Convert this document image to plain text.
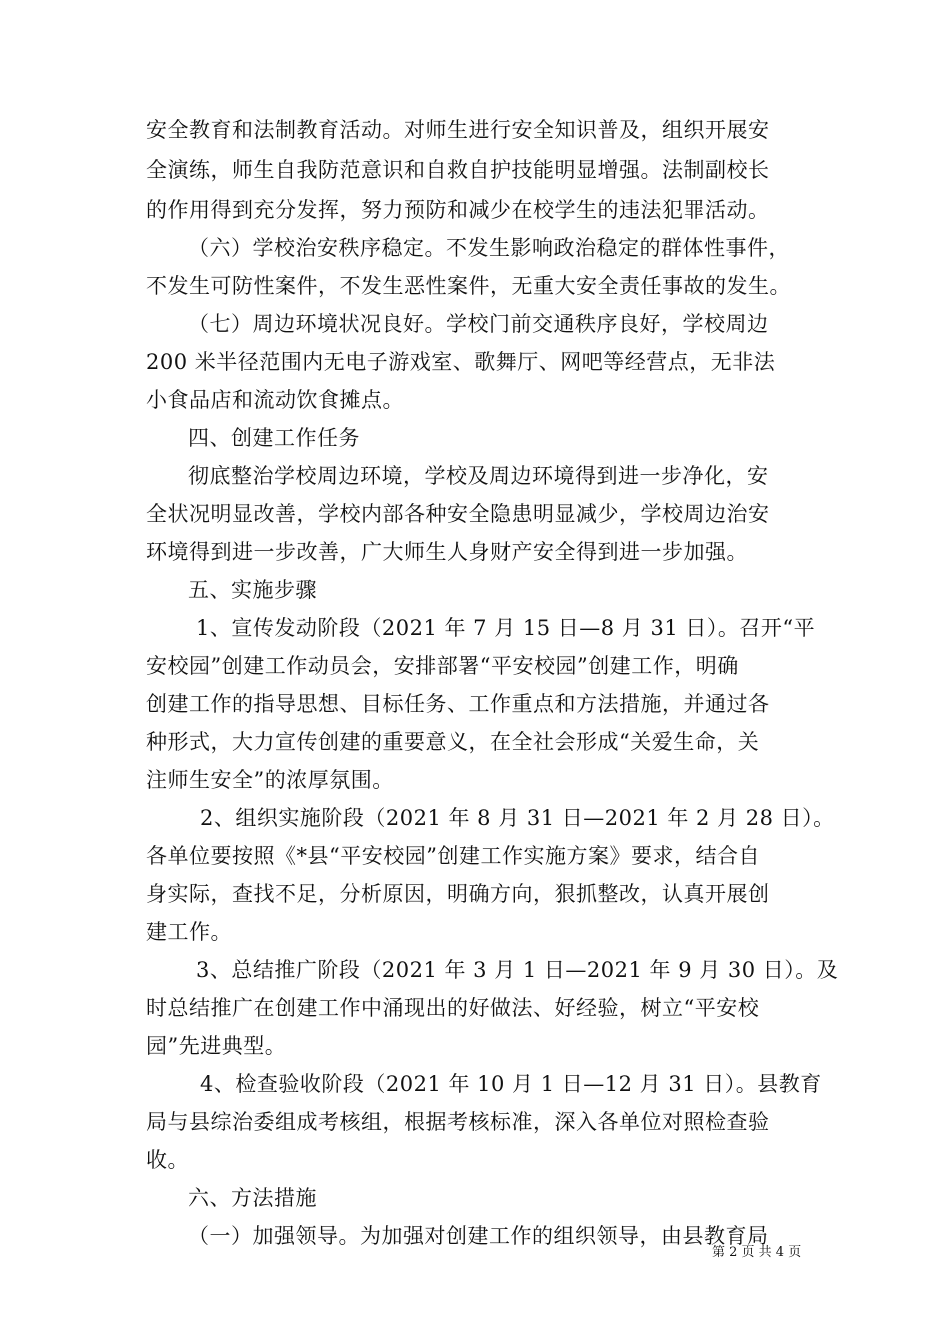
安全教育和法制教育活动。对师生进行安全知识普及，组织开展安
全演练，师生自我防范意识和自救自护技能明显增强。法制副校长
的作用得到充分发挥，努力预防和减少在校学生的违法犯罪活动。
（六）学校治安秩序稳定。不发生影响政治稳定的群体性事件，
不发生可防性案件，不发生恶性案件，无重大安全责任事故的发生。
（七）周边环境状况良好。学校门前交通秩序良好，学校周边
200 米半径范围内无电子游戏室、歌舞厅、网吧等经营点，无非法
小食品店和流动饮食摊点。
四、创建工作任务
彻底整治学校周边环境，学校及周边环境得到进一步净化，安
全状况明显改善，学校内部各种安全隐患明显减少，学校周边治安
环境得到进一步改善，广大师生人身财产安全得到进一步加强。
五、实施步骤
1、宣传发动阶段（2021 年 7 月 15 日—8 月 31 日）。召开“平
安校园”创建工作动员会，安排部署“平安校园”创建工作，明确
创建工作的指导思想、目标任务、工作重点和方法措施，并通过各
种形式，大力宣传创建的重要意义，在全社会形成“关爱生命，关
注师生安全”的浓厚氛围。
2、组织实施阶段（2021 年 8 月 31 日—2021 年 2 月 28 日）。
各单位要按照《*县“平安校园”创建工作实施方案》要求，结合自
身实际，查找不足，分析原因，明确方向，狠抓整改，认真开展创
建工作。
3、总结推广阶段（2021 年 3 月 1 日—2021 年 9 月 30 日）。及
时总结推广在创建工作中涌现出的好做法、好经验，树立“平安校
园”先进典型。
4、检查验收阶段（2021 年 10 月 1 日—12 月 31 日）。县教育
局与县综治委组成考核组，根据考核标准，深入各单位对照检查验
收。
六、方法措施
（一）加强领导。为加强对创建工作的组织领导，由县教育局
第 2 页 共 4 页
